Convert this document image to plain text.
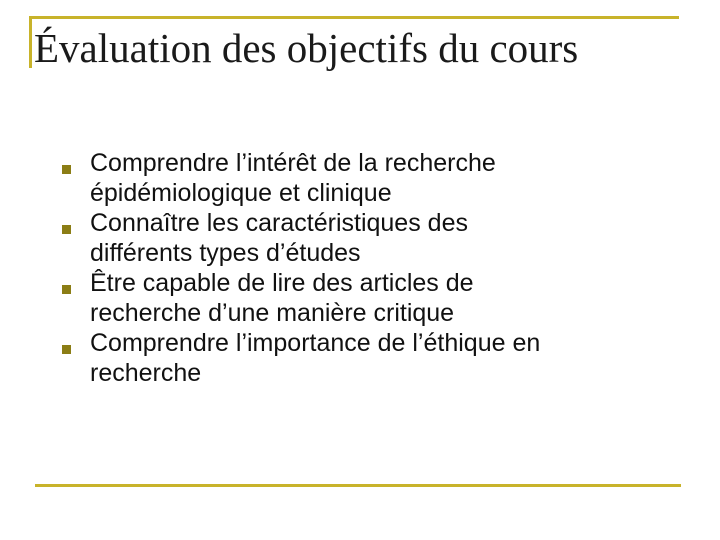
Évaluation des objectifs du cours
Comprendre l’intérêt de la recherche
épidémiologique et clinique
Connaître les caractéristiques des
différents types d’études
Être capable de lire des articles de
recherche d’une manière critique
Comprendre l’importance de l’éthique en
recherche
